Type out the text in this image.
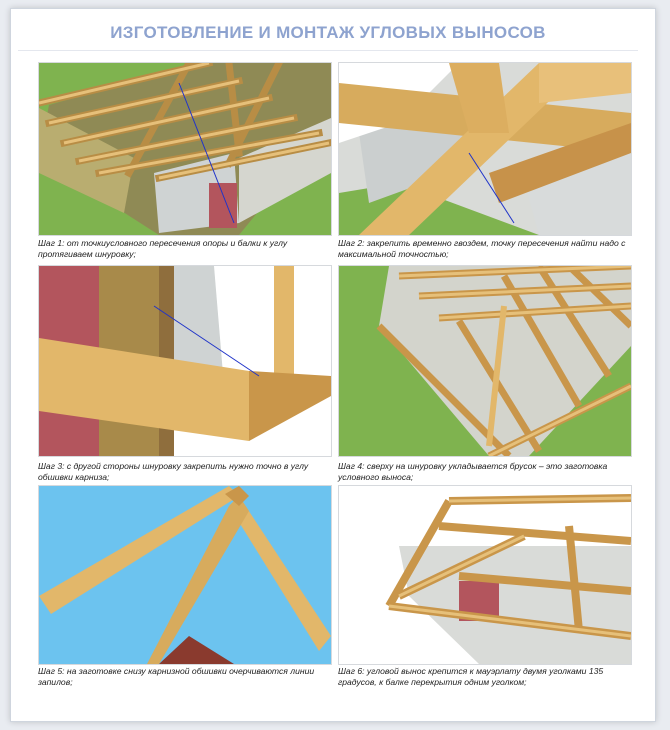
ИЗГОТОВЛЕНИЕ И МОНТАЖ УГЛОВЫХ ВЫНОСОВ
Шаг 1: от точкиусловного пересечения опоры и балки к углу протягиваем шнуровку;
Шаг 2: закрепить временно гвоздем, точку пересечения найти надо с максимальной точностью;
Шаг 3: с другой стороны шнуровку закрепить нужно точно в углу обшивки карниза;
Шаг 4: сверху на шнуровку укладывается брусок – это заготовка условного выноса;
Шаг 5: на заготовке снизу карнизной обшивки очерчиваются линии запилов;
Шаг 6: угловой вынос крепится к мауэрлату двумя уголками 135 градусов, к балке перекрытия одним уголком;
